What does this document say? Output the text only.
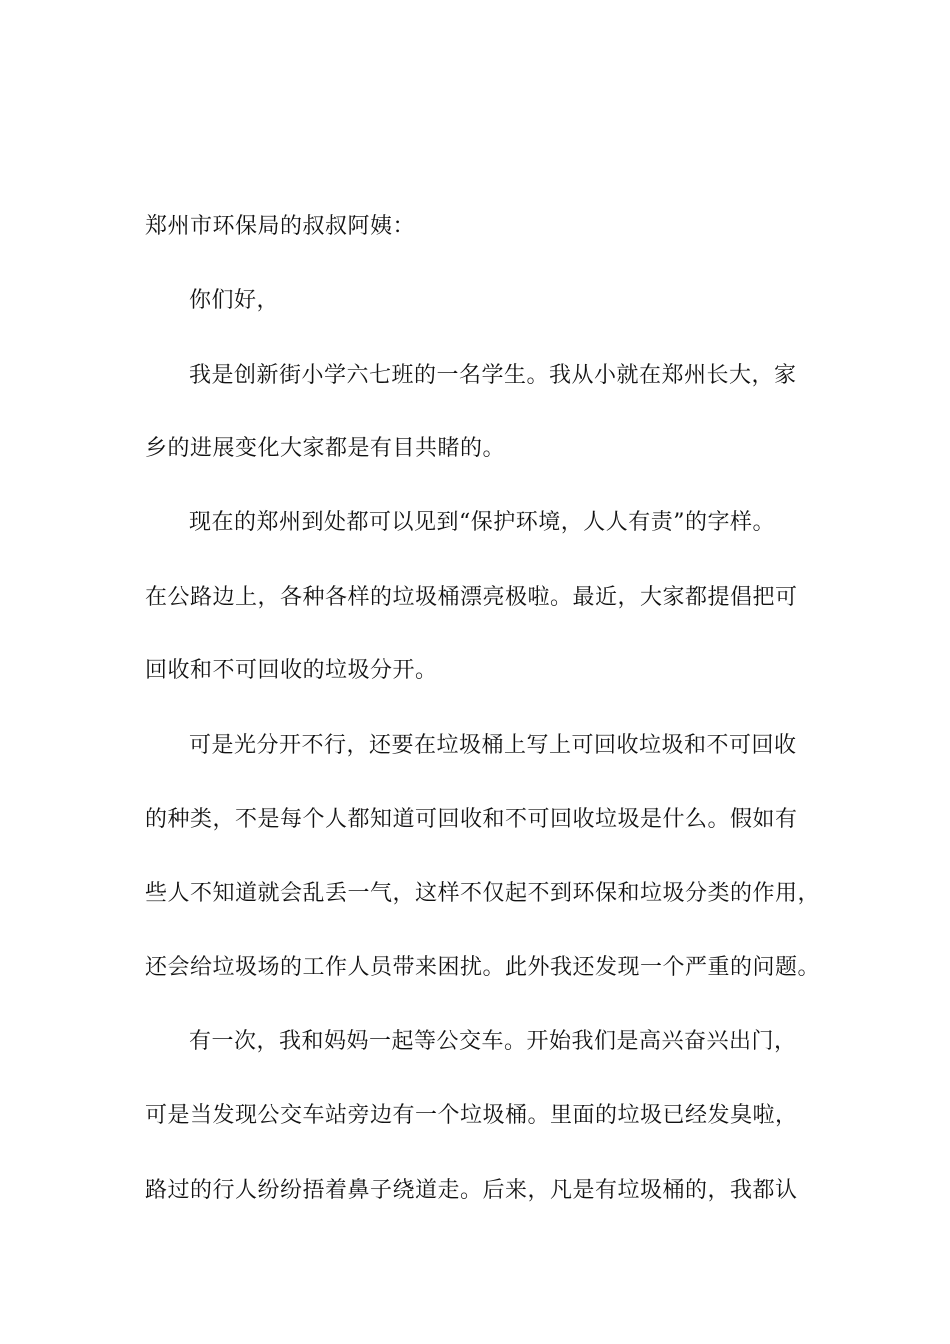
郑州市环保局的叔叔阿姨：
你们好，
我是创新街小学六七班的一名学生。我从小就在郑州长大，家
乡的进展变化大家都是有目共睹的。
现在的郑州到处都可以见到“保护环境，人人有责”的字样。
在公路边上，各种各样的垃圾桶漂亮极啦。最近，大家都提倡把可
回收和不可回收的垃圾分开。
可是光分开不行，还要在垃圾桶上写上可回收垃圾和不可回收
的种类，不是每个人都知道可回收和不可回收垃圾是什么。假如有
些人不知道就会乱丢一气，这样不仅起不到环保和垃圾分类的作用，
还会给垃圾场的工作人员带来困扰。此外我还发现一个严重的问题。
有一次，我和妈妈一起等公交车。开始我们是高兴奋兴出门，
可是当发现公交车站旁边有一个垃圾桶。里面的垃圾已经发臭啦，
路过的行人纷纷捂着鼻子绕道走。后来，凡是有垃圾桶的，我都认
